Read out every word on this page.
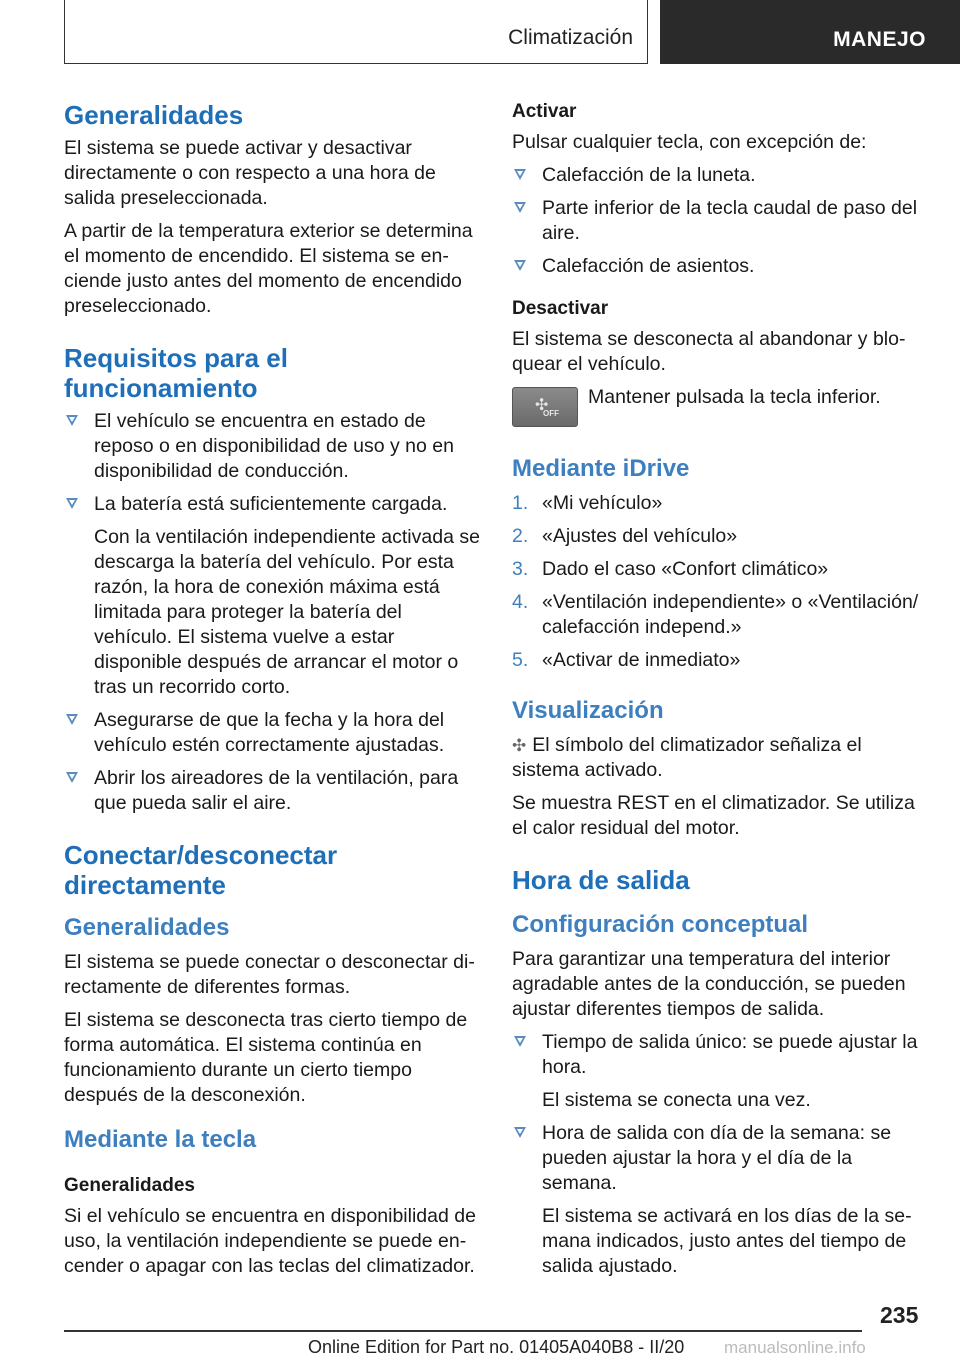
Climatización	MANEJO
Generalidades

El sistema se puede activar y desactivar directamente o con respecto a una hora de salida preseleccionada.

A partir de la temperatura exterior se determina el momento de encendido. El sistema se enciende justo antes del momento de encendido preseleccionado.

Requisitos para el funcionamiento
El vehículo se encuentra en estado de reposo o en disponibilidad de uso y no en disponibilidad de conducción.
La batería está suficientemente cargada.
Con la ventilación independiente activada se descarga la batería del vehículo. Por esta razón, la hora de conexión máxima está limitada para proteger la batería del vehículo. El sistema vuelve a estar disponible después de arrancar el motor o tras un recorrido corto.
Asegurarse de que la fecha y la hora del vehículo estén correctamente ajustadas.
Abrir los aireadores de la ventilación, para que pueda salir el aire.
Conectar/desconectar directamente
Generalidades

El sistema se puede conectar o desconectar directamente de diferentes formas.

El sistema se desconecta tras cierto tiempo de forma automática. El sistema continúa en funcionamiento durante un cierto tiempo después de la desconexión.

Mediante la tecla
Generalidades

Si el vehículo se encuentra en disponibilidad de uso, la ventilación independiente se puede encender o apagar con las teclas del climatizador.

Activar

Pulsar cualquier tecla, con excepción de:

Calefacción de la luneta.
Parte inferior de la tecla caudal de paso del aire.
Calefacción de asientos.
Desactivar

El sistema se desconecta al abandonar y bloquear el vehículo.

✣
OFF

Mantener pulsada la tecla inferior.

Mediante iDrive
1. «Mi vehículo»
2. «Ajustes del vehículo»
3. Dado el caso «Confort climático»
4. «Ventilación independiente» o «Ventilación/ calefacción independ.»
5. «Activar de inmediato»
Visualización

✣ El símbolo del climatizador señaliza el sistema activado.

Se muestra REST en el climatizador. Se utiliza el calor residual del motor.

Hora de salida
Configuración conceptual

Para garantizar una temperatura del interior agradable antes de la conducción, se pueden ajustar diferentes tiempos de salida.

Tiempo de salida único: se puede ajustar la hora.
El sistema se conecta una vez.
Hora de salida con día de la semana: se pueden ajustar la hora y el día de la semana.
El sistema se activará en los días de la semana indicados, justo antes del tiempo de salida ajustado.
235
Online Edition for Part no. 01405A040B8 - II/20 manualsonline.info
